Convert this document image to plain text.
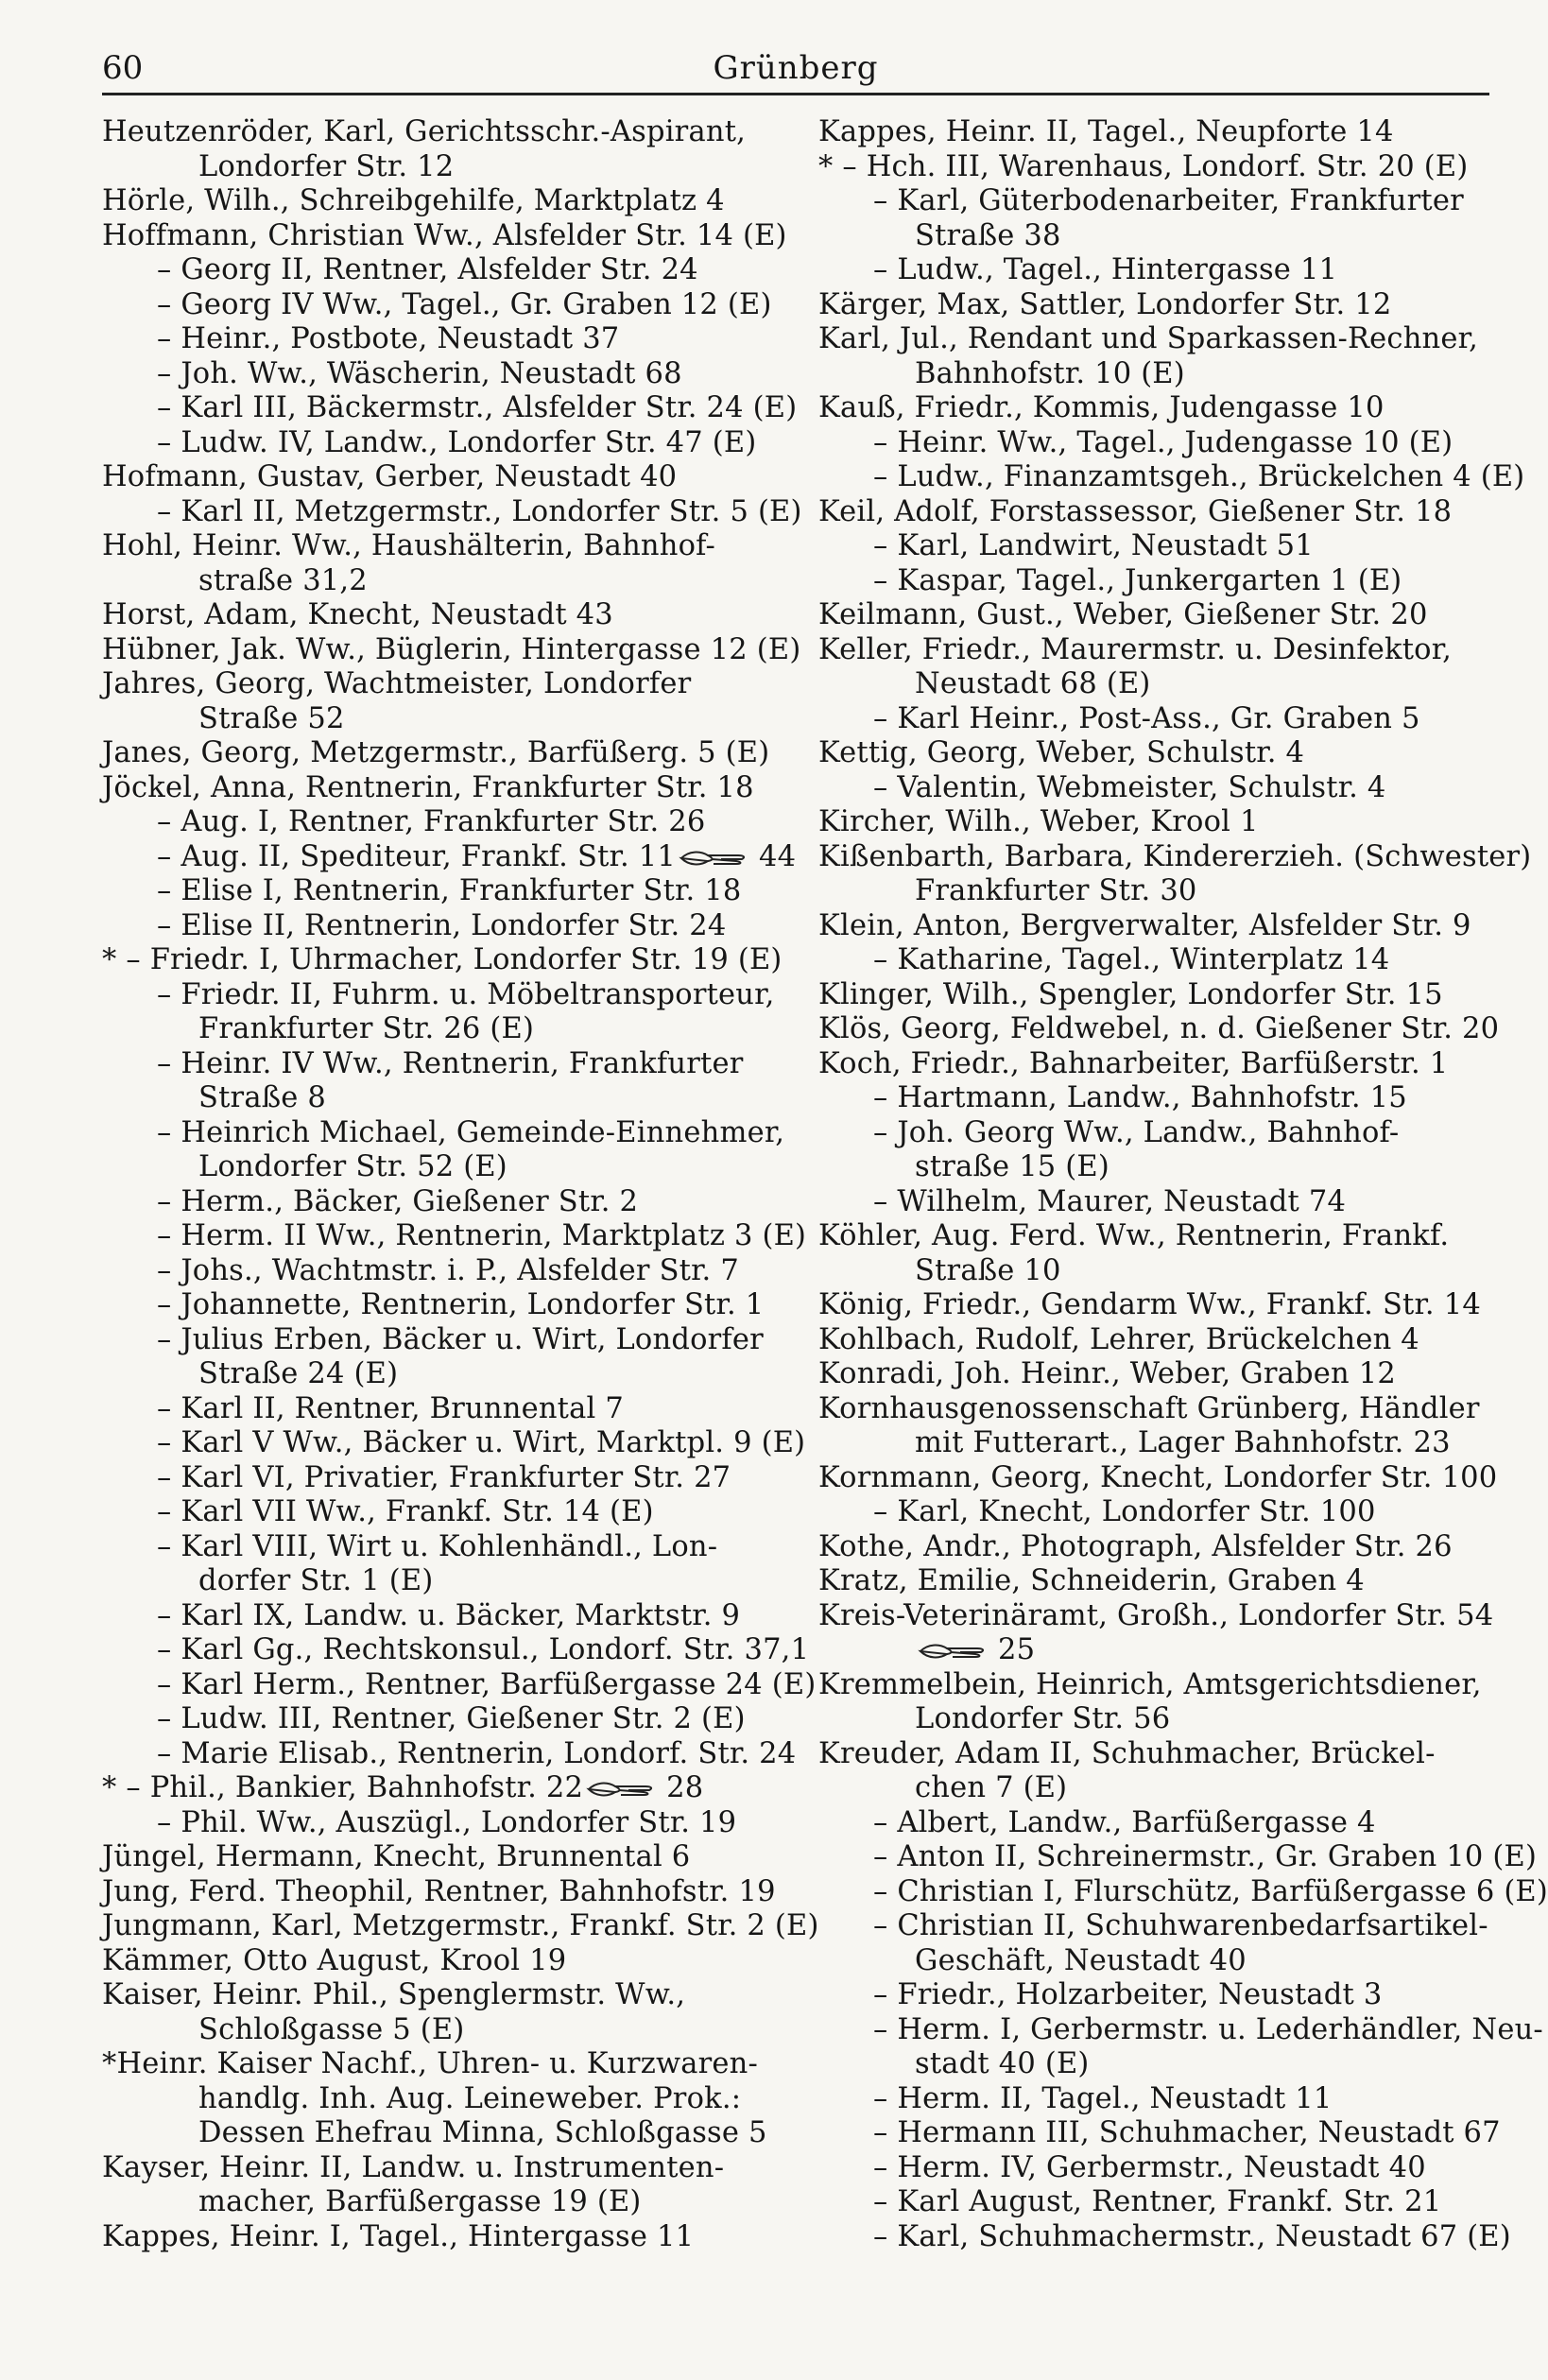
60	Grünberg
Heutzenröder, Karl, Gerichtsschr.-Aspirant,
Londorfer Str. 12
Hörle, Wilh., Schreibgehilfe, Marktplatz 4
Hoffmann, Christian Ww., Alsfelder Str. 14 (E)
– Georg II, Rentner, Alsfelder Str. 24
– Georg IV Ww., Tagel., Gr. Graben 12 (E)
– Heinr., Postbote, Neustadt 37
– Joh. Ww., Wäscherin, Neustadt 68
– Karl III, Bäckermstr., Alsfelder Str. 24 (E)
– Ludw. IV, Landw., Londorfer Str. 47 (E)
Hofmann, Gustav, Gerber, Neustadt 40
– Karl II, Metzgermstr., Londorfer Str. 5 (E)
Hohl, Heinr. Ww., Haushälterin, Bahnhof-
straße 31,2
Horst, Adam, Knecht, Neustadt 43
Hübner, Jak. Ww., Büglerin, Hintergasse 12 (E)
Jahres, Georg, Wachtmeister, Londorfer
Straße 52
Janes, Georg, Metzgermstr., Barfüßerg. 5 (E)
Jöckel, Anna, Rentnerin, Frankfurter Str. 18
– Aug. I, Rentner, Frankfurter Str. 26
– Aug. II, Spediteur, Frankf. Str. 11	44
– Elise I, Rentnerin, Frankfurter Str. 18
– Elise II, Rentnerin, Londorfer Str. 24
* – Friedr. I, Uhrmacher, Londorfer Str. 19 (E)
– Friedr. II, Fuhrm. u. Möbeltransporteur,
Frankfurter Str. 26 (E)
– Heinr. IV Ww., Rentnerin, Frankfurter
Straße 8
– Heinrich Michael, Gemeinde-Einnehmer,
Londorfer Str. 52 (E)
– Herm., Bäcker, Gießener Str. 2
– Herm. II Ww., Rentnerin, Marktplatz 3 (E)
– Johs., Wachtmstr. i. P., Alsfelder Str. 7
– Johannette, Rentnerin, Londorfer Str. 1
– Julius Erben, Bäcker u. Wirt, Londorfer
Straße 24 (E)
– Karl II, Rentner, Brunnental 7
– Karl V Ww., Bäcker u. Wirt, Marktpl. 9 (E)
– Karl VI, Privatier, Frankfurter Str. 27
– Karl VII Ww., Frankf. Str. 14 (E)
– Karl VIII, Wirt u. Kohlenhändl., Lon-
dorfer Str. 1 (E)
– Karl IX, Landw. u. Bäcker, Marktstr. 9
– Karl Gg., Rechtskonsul., Londorf. Str. 37,1
– Karl Herm., Rentner, Barfüßergasse 24 (E)
– Ludw. III, Rentner, Gießener Str. 2 (E)
– Marie Elisab., Rentnerin, Londorf. Str. 24
* – Phil., Bankier, Bahnhofstr. 22	28
– Phil. Ww., Auszügl., Londorfer Str. 19
Jüngel, Hermann, Knecht, Brunnental 6
Jung, Ferd. Theophil, Rentner, Bahnhofstr. 19
Jungmann, Karl, Metzgermstr., Frankf. Str. 2 (E)
Kämmer, Otto August, Krool 19
Kaiser, Heinr. Phil., Spenglermstr. Ww.,
Schloßgasse 5 (E)
*Heinr. Kaiser Nachf., Uhren- u. Kurzwaren-
handlg. Inh. Aug. Leineweber. Prok.:
Dessen Ehefrau Minna, Schloßgasse 5
Kayser, Heinr. II, Landw. u. Instrumenten-
macher, Barfüßergasse 19 (E)
Kappes, Heinr. I, Tagel., Hintergasse 11
Kappes, Heinr. II, Tagel., Neupforte 14
* – Hch. III, Warenhaus, Londorf. Str. 20 (E)
– Karl, Güterbodenarbeiter, Frankfurter
Straße 38
– Ludw., Tagel., Hintergasse 11
Kärger, Max, Sattler, Londorfer Str. 12
Karl, Jul., Rendant und Sparkassen-Rechner,
Bahnhofstr. 10 (E)
Kauß, Friedr., Kommis, Judengasse 10
– Heinr. Ww., Tagel., Judengasse 10 (E)
– Ludw., Finanzamtsgeh., Brückelchen 4 (E)
Keil, Adolf, Forstassessor, Gießener Str. 18
– Karl, Landwirt, Neustadt 51
– Kaspar, Tagel., Junkergarten 1 (E)
Keilmann, Gust., Weber, Gießener Str. 20
Keller, Friedr., Maurermstr. u. Desinfektor,
Neustadt 68 (E)
– Karl Heinr., Post-Ass., Gr. Graben 5
Kettig, Georg, Weber, Schulstr. 4
– Valentin, Webmeister, Schulstr. 4
Kircher, Wilh., Weber, Krool 1
Kißenbarth, Barbara, Kindererzieh. (Schwester)
Frankfurter Str. 30
Klein, Anton, Bergverwalter, Alsfelder Str. 9
– Katharine, Tagel., Winterplatz 14
Klinger, Wilh., Spengler, Londorfer Str. 15
Klös, Georg, Feldwebel, n. d. Gießener Str. 20
Koch, Friedr., Bahnarbeiter, Barfüßerstr. 1
– Hartmann, Landw., Bahnhofstr. 15
– Joh. Georg Ww., Landw., Bahnhof-
straße 15 (E)
– Wilhelm, Maurer, Neustadt 74
Köhler, Aug. Ferd. Ww., Rentnerin, Frankf.
Straße 10
König, Friedr., Gendarm Ww., Frankf. Str. 14
Kohlbach, Rudolf, Lehrer, Brückelchen 4
Konradi, Joh. Heinr., Weber, Graben 12
Kornhausgenossenschaft Grünberg, Händler
mit Futterart., Lager Bahnhofstr. 23
Kornmann, Georg, Knecht, Londorfer Str. 100
– Karl, Knecht, Londorfer Str. 100
Kothe, Andr., Photograph, Alsfelder Str. 26
Kratz, Emilie, Schneiderin, Graben 4
Kreis-Veterinäramt, Großh., Londorfer Str. 54
25
Kremmelbein, Heinrich, Amtsgerichtsdiener,
Londorfer Str. 56
Kreuder, Adam II, Schuhmacher, Brückel-
chen 7 (E)
– Albert, Landw., Barfüßergasse 4
– Anton II, Schreinermstr., Gr. Graben 10 (E)
– Christian I, Flurschütz, Barfüßergasse 6 (E)
– Christian II, Schuhwarenbedarfsartikel-
Geschäft, Neustadt 40
– Friedr., Holzarbeiter, Neustadt 3
– Herm. I, Gerbermstr. u. Lederhändler, Neu-
stadt 40 (E)
– Herm. II, Tagel., Neustadt 11
– Hermann III, Schuhmacher, Neustadt 67
– Herm. IV, Gerbermstr., Neustadt 40
– Karl August, Rentner, Frankf. Str. 21
– Karl, Schuhmachermstr., Neustadt 67 (E)
